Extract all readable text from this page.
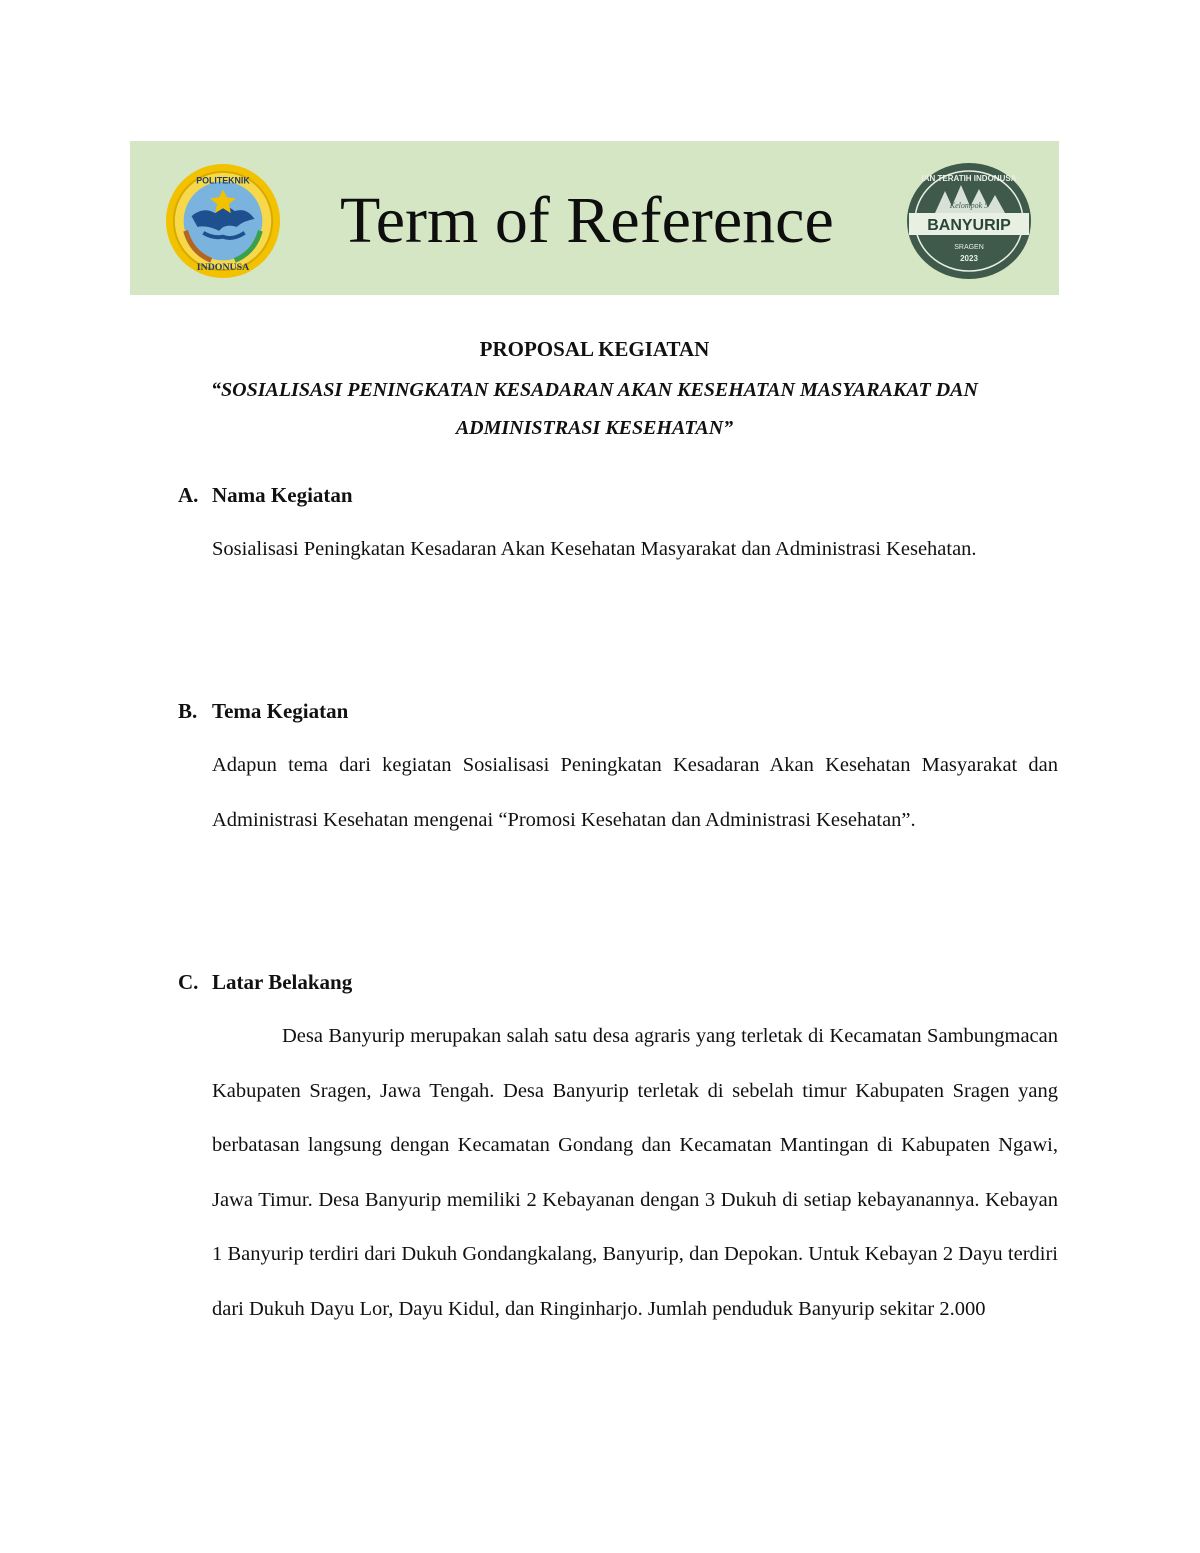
POLITEKNIK
INDONUSA
Term of Reference
IAN TERATIH INDONUSA
Kelompok 5
BANYURIP
SRAGEN
2023
PROPOSAL KEGIATAN
“SOSIALISASI PENINGKATAN KESADARAN AKAN KESEHATAN MASYARAKAT DAN
ADMINISTRASI KESEHATAN”
A. Nama Kegiatan

Sosialisasi Peningkatan Kesadaran Akan Kesehatan Masyarakat dan Administrasi Kesehatan.

B. Tema Kegiatan

Adapun tema dari kegiatan Sosialisasi Peningkatan Kesadaran Akan Kesehatan Masyarakat dan Administrasi Kesehatan mengenai “Promosi Kesehatan dan Administrasi Kesehatan”.

C. Latar Belakang

Desa Banyurip merupakan salah satu desa agraris yang terletak di Kecamatan Sambungmacan Kabupaten Sragen, Jawa Tengah. Desa Banyurip terletak di sebelah timur Kabupaten Sragen yang berbatasan langsung dengan Kecamatan Gondang dan Kecamatan Mantingan di Kabupaten Ngawi, Jawa Timur. Desa Banyurip memiliki 2 Kebayanan dengan 3 Dukuh di setiap kebayanannya. Kebayan 1 Banyurip terdiri dari Dukuh Gondangkalang, Banyurip, dan Depokan. Untuk Kebayan 2 Dayu terdiri dari Dukuh Dayu Lor, Dayu Kidul, dan Ringinharjo. Jumlah penduduk Banyurip sekitar 2.000
